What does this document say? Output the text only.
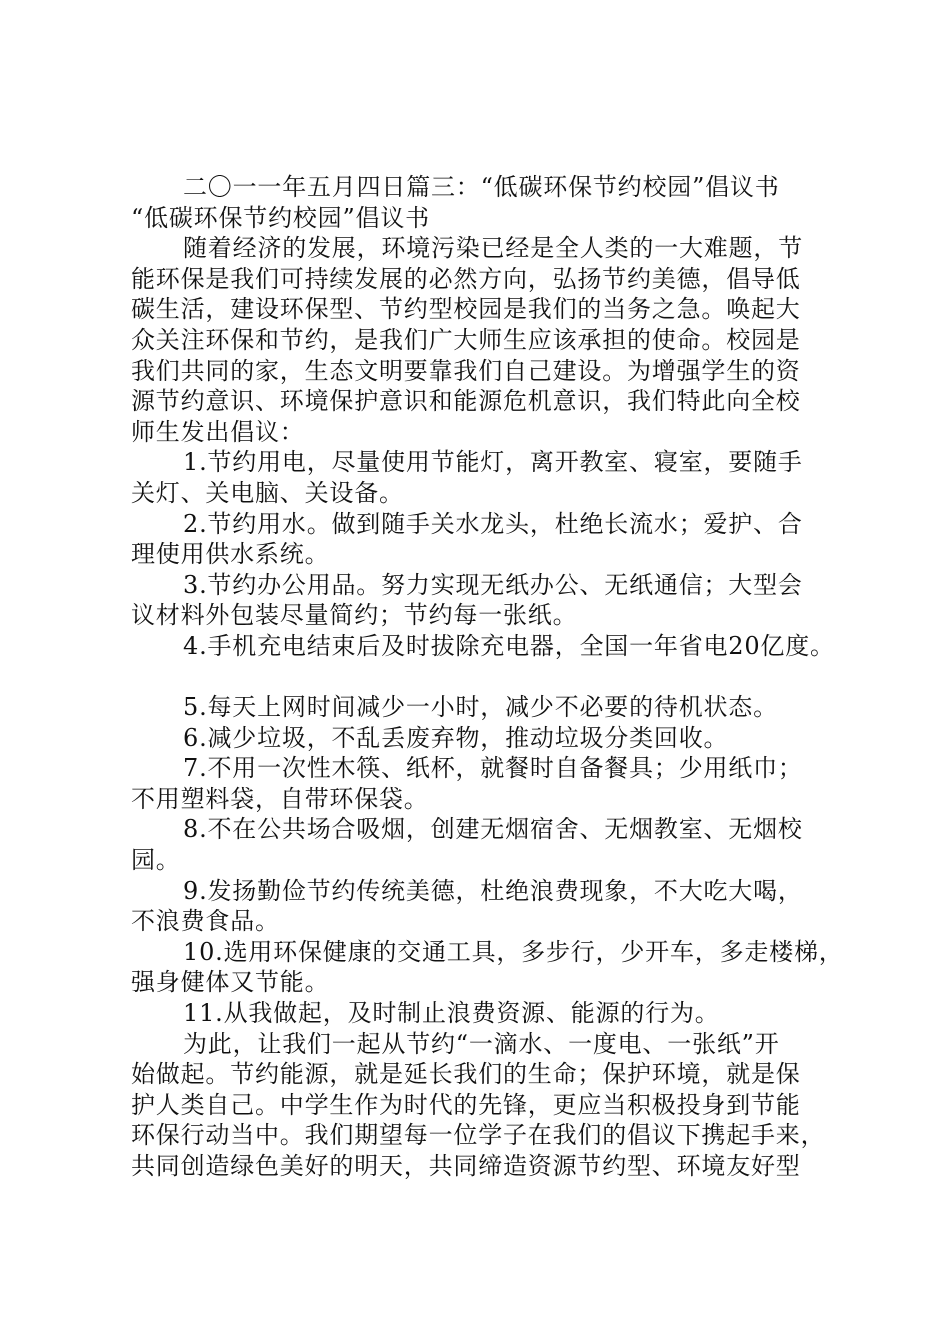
二〇一一年五月四日篇三：“低碳环保节约校园”倡议书
“低碳环保节约校园”倡议书
随着经济的发展，环境污染已经是全人类的一大难题，节
能环保是我们可持续发展的必然方向，弘扬节约美德，倡导低
碳生活，建设环保型、节约型校园是我们的当务之急。唤起大
众关注环保和节约，是我们广大师生应该承担的使命。校园是
我们共同的家，生态文明要靠我们自己建设。为增强学生的资
源节约意识、环境保护意识和能源危机意识，我们特此向全校
师生发出倡议：
1.节约用电，尽量使用节能灯，离开教室、寝室，要随手
关灯、关电脑、关设备。
2.节约用水。做到随手关水龙头，杜绝长流水；爱护、合
理使用供水系统。
3.节约办公用品。努力实现无纸办公、无纸通信；大型会
议材料外包装尽量简约；节约每一张纸。
4.手机充电结束后及时拔除充电器，全国一年省电20亿度。
5.每天上网时间减少一小时，减少不必要的待机状态。
6.减少垃圾，不乱丢废弃物，推动垃圾分类回收。
7.不用一次性木筷、纸杯，就餐时自备餐具；少用纸巾；
不用塑料袋，自带环保袋。
8.不在公共场合吸烟，创建无烟宿舍、无烟教室、无烟校
园。
9.发扬勤俭节约传统美德，杜绝浪费现象，不大吃大喝，
不浪费食品。
10.选用环保健康的交通工具，多步行，少开车，多走楼梯，
强身健体又节能。
11.从我做起，及时制止浪费资源、能源的行为。
为此，让我们一起从节约“一滴水、一度电、一张纸”开
始做起。节约能源，就是延长我们的生命；保护环境，就是保
护人类自己。中学生作为时代的先锋，更应当积极投身到节能
环保行动当中。我们期望每一位学子在我们的倡议下携起手来，
共同创造绿色美好的明天，共同缔造资源节约型、环境友好型
